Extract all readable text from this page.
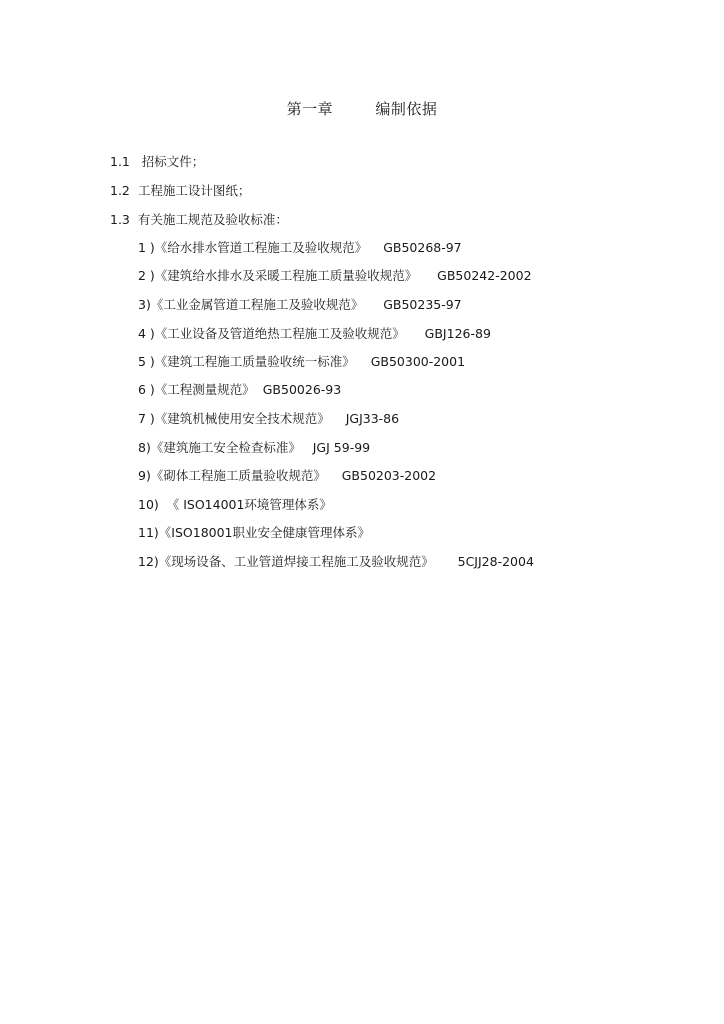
第一章        编制依据
1.1   招标文件；
1.2  工程施工设计图纸；
1.3  有关施工规范及验收标准：
1 )《给水排水管道工程施工及验收规范》    GB50268-97
2 )《建筑给水排水及采暖工程施工质量验收规范》     GB50242-2002
3)《工业金属管道工程施工及验收规范》     GB50235-97
4 )《工业设备及管道绝热工程施工及验收规范》     GBJ126-89
5 )《建筑工程施工质量验收统一标准》    GB50300-2001
6 )《工程测量规范》  GB50026-93
7 )《建筑机械使用安全技术规范》    JGJ33-86
8)《建筑施工安全检查标准》   JGJ 59-99
9)《砌体工程施工质量验收规范》    GB50203-2002
10)  《 ISO14001环境管理体系》
11)《ISO18001职业安全健康管理体系》
12)《现场设备、工业管道焊接工程施工及验收规范》      5CJJ28-2004
